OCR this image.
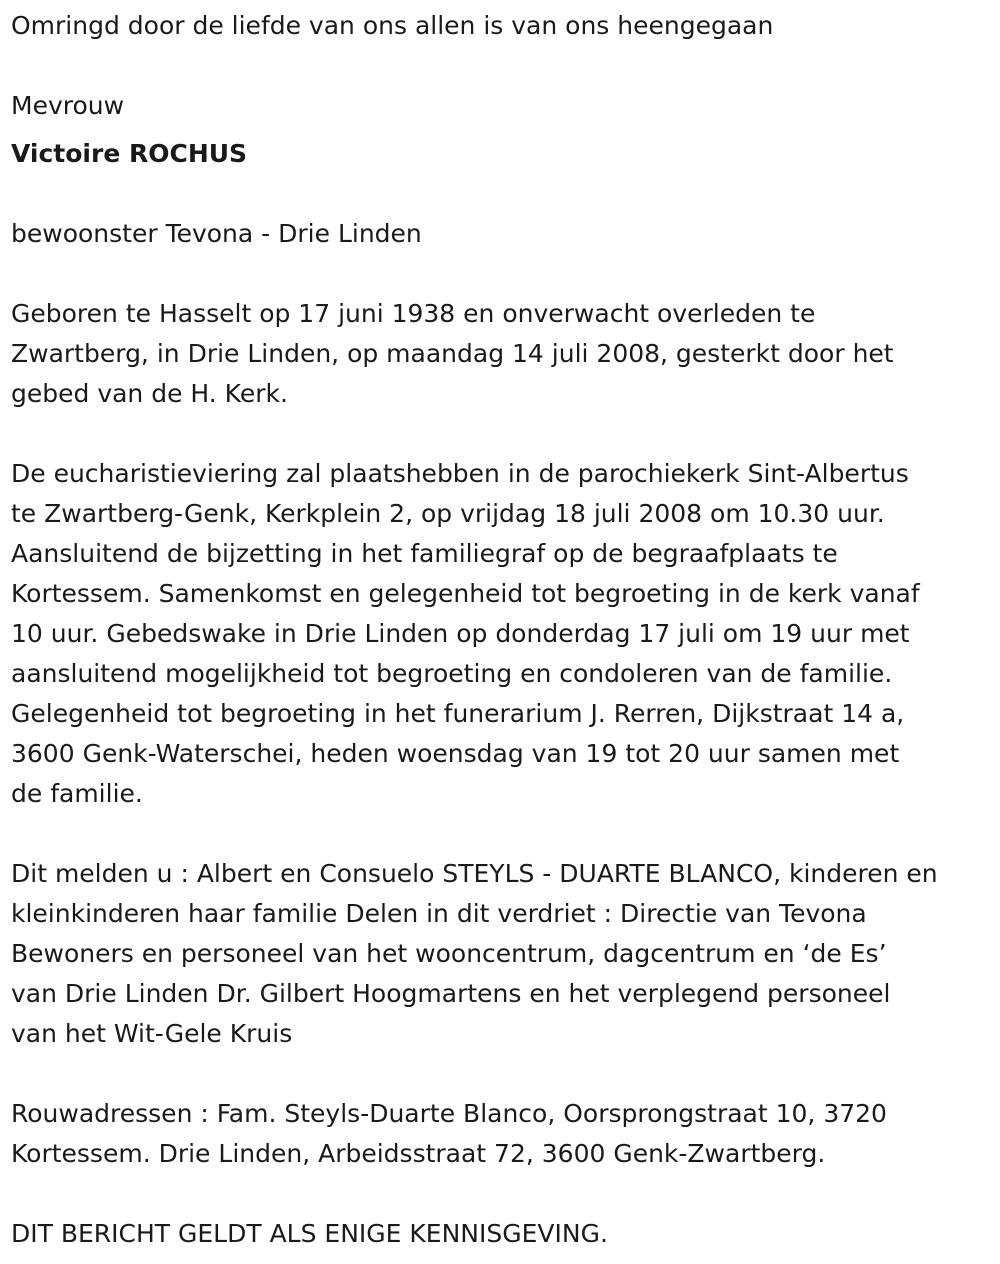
Omringd door de liefde van ons allen is van ons heengegaan

Mevrouw

Victoire ROCHUS

bewoonster Tevona - Drie Linden

Geboren te Hasselt op 17 juni 1938 en onverwacht overleden te
Zwartberg, in Drie Linden, op maandag 14 juli 2008, gesterkt door het
gebed van de H. Kerk.

De eucharistieviering zal plaatshebben in de parochiekerk Sint-Albertus
te Zwartberg-Genk, Kerkplein 2, op vrijdag 18 juli 2008 om 10.30 uur.
Aansluitend de bijzetting in het familiegraf op de begraafplaats te
Kortessem. Samenkomst en gelegenheid tot begroeting in de kerk vanaf
10 uur. Gebedswake in Drie Linden op donderdag 17 juli om 19 uur met
aansluitend mogelijkheid tot begroeting en condoleren van de familie.
Gelegenheid tot begroeting in het funerarium J. Rerren, Dijkstraat 14 a,
3600 Genk-Waterschei, heden woensdag van 19 tot 20 uur samen met
de familie.

Dit melden u : Albert en Consuelo STEYLS - DUARTE BLANCO, kinderen en
kleinkinderen haar familie Delen in dit verdriet : Directie van Tevona
Bewoners en personeel van het wooncentrum, dagcentrum en ‘de Es’
van Drie Linden Dr. Gilbert Hoogmartens en het verplegend personeel
van het Wit-Gele Kruis

Rouwadressen : Fam. Steyls-Duarte Blanco, Oorsprongstraat 10, 3720
Kortessem. Drie Linden, Arbeidsstraat 72, 3600 Genk-Zwartberg.

DIT BERICHT GELDT ALS ENIGE KENNISGEVING.
